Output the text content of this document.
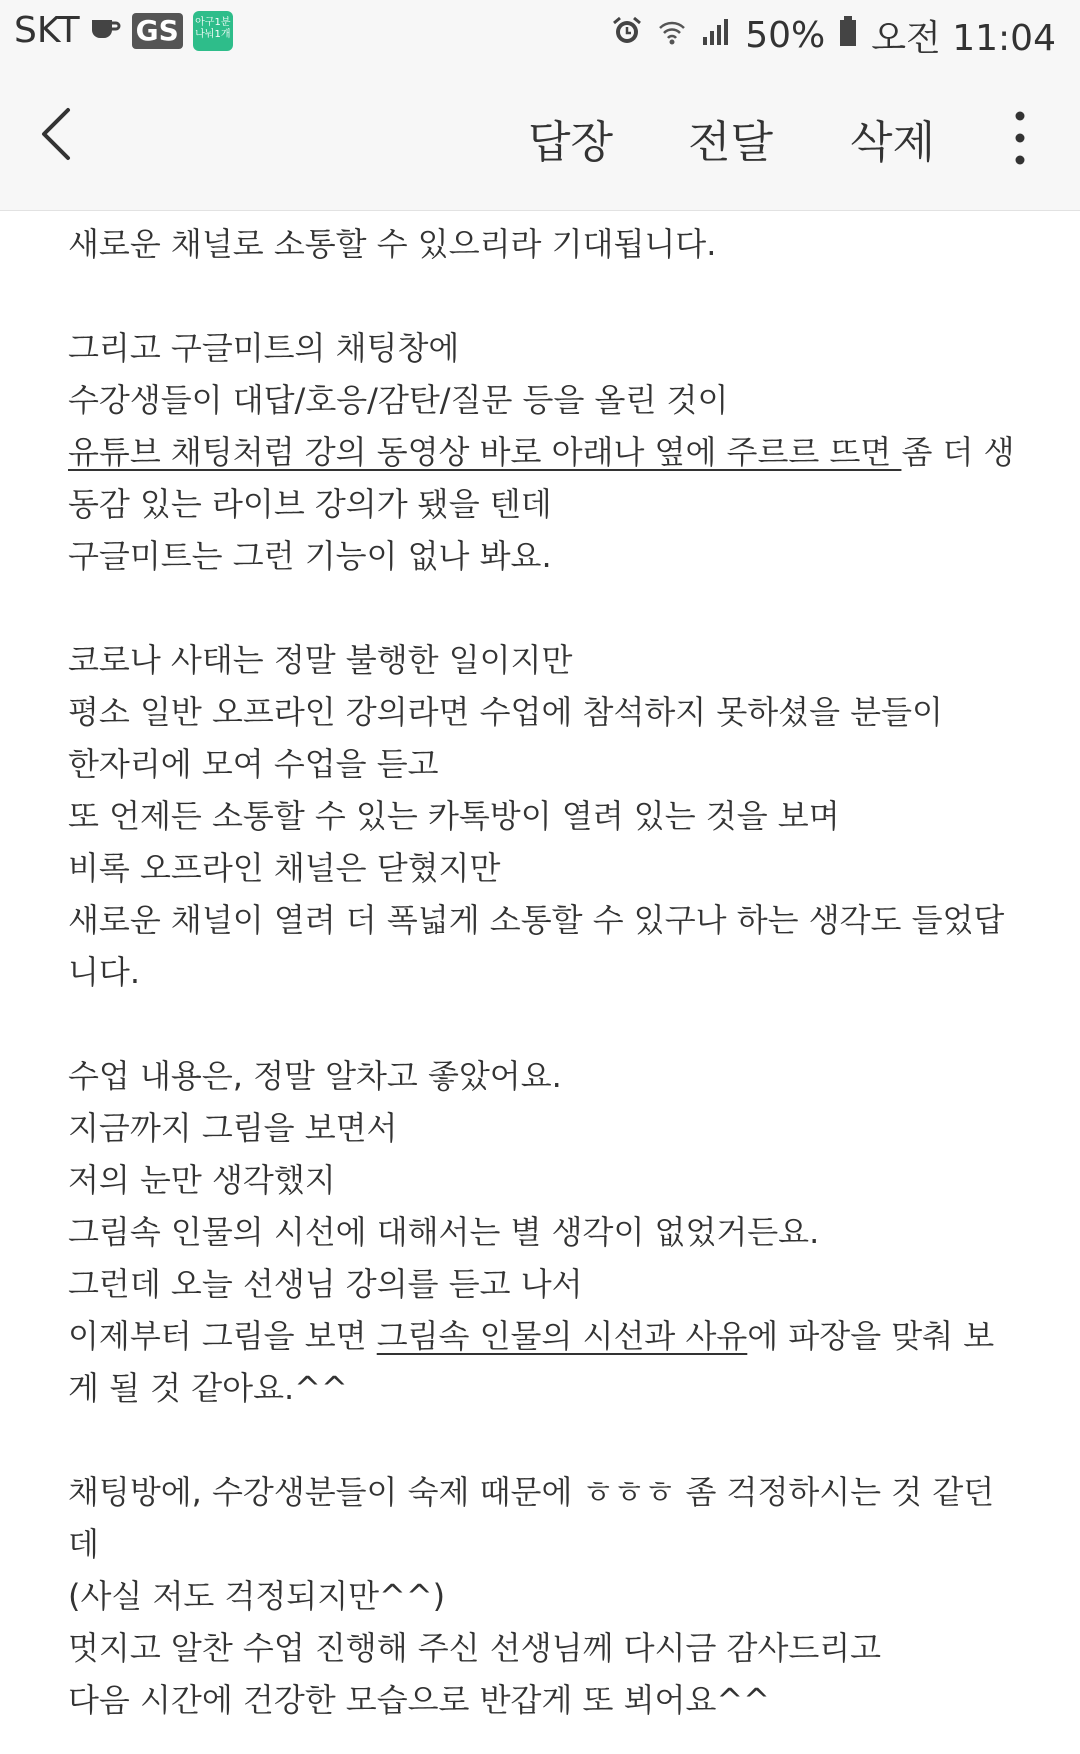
SKT GS	아구1분
나눠1개	50% 오전 11:04
답장 전달 삭제

새로운 채널로 소통할 수 있으리라 기대됩니다.

그리고 구글미트의 채팅창에

수강생들이 대답/호응/감탄/질문 등을 올린 것이

유튜브 채팅처럼 강의 동영상 바로 아래나 옆에 주르르 뜨면 좀 더 생

동감 있는 라이브 강의가 됐을 텐데

구글미트는 그런 기능이 없나 봐요.

코로나 사태는 정말 불행한 일이지만

평소 일반 오프라인 강의라면 수업에 참석하지 못하셨을 분들이

한자리에 모여 수업을 듣고

또 언제든 소통할 수 있는 카톡방이 열려 있는 것을 보며

비록 오프라인 채널은 닫혔지만

새로운 채널이 열려 더 폭넓게 소통할 수 있구나 하는 생각도 들었답

니다.

수업 내용은, 정말 알차고 좋았어요.

지금까지 그림을 보면서

저의 눈만 생각했지

그림속 인물의 시선에 대해서는 별 생각이 없었거든요.

그런데 오늘 선생님 강의를 듣고 나서

이제부터 그림을 보면 그림속 인물의 시선과 사유에 파장을 맞춰 보

게 될 것 같아요.^^

채팅방에, 수강생분들이 숙제 때문에 ㅎㅎㅎ 좀 걱정하시는 것 같던

데

(사실 저도 걱정되지만^^)

멋지고 알찬 수업 진행해 주신 선생님께 다시금 감사드리고

다음 시간에 건강한 모습으로 반갑게 또 뵈어요^^
